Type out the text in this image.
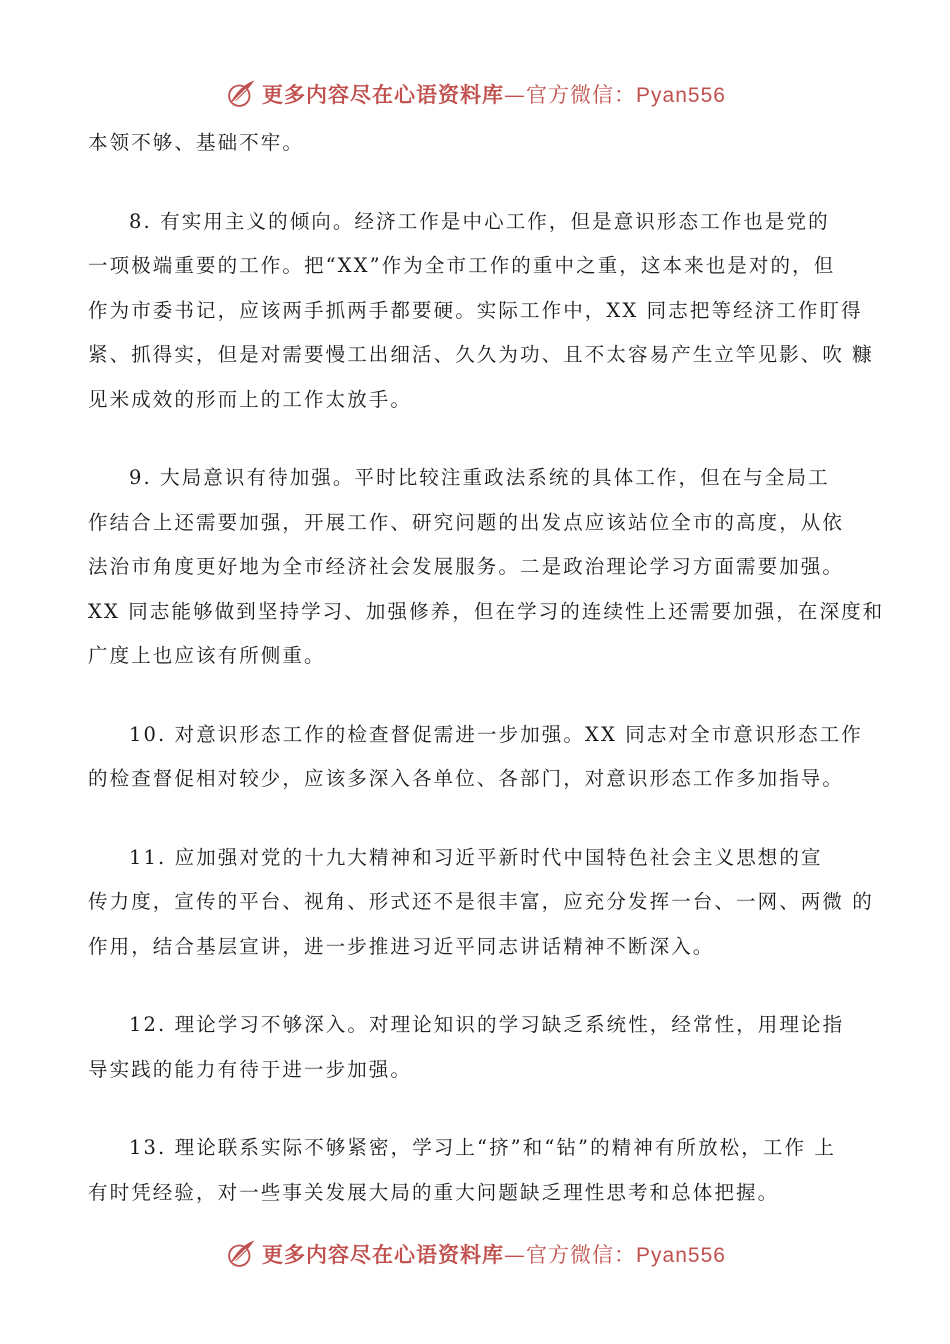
更多内容尽在心语资料库—官方微信：Pyan556
本领不够、基础不牢。
8. 有实用主义的倾向。经济工作是中心工作，但是意识形态工作也是党的
一项极端重要的工作。把“XX”作为全市工作的重中之重，这本来也是对的，但
作为市委书记，应该两手抓两手都要硬。实际工作中，XX 同志把等经济工作盯得
紧、抓得实，但是对需要慢工出细活、久久为功、且不太容易产生立竿见影、吹 糠
见米成效的形而上的工作太放手。
9. 大局意识有待加强。平时比较注重政法系统的具体工作，但在与全局工
作结合上还需要加强，开展工作、研究问题的出发点应该站位全市的高度，从依
法治市角度更好地为全市经济社会发展服务。二是政治理论学习方面需要加强。
XX 同志能够做到坚持学习、加强修养，但在学习的连续性上还需要加强，在深度和
广度上也应该有所侧重。
10. 对意识形态工作的检查督促需进一步加强。XX 同志对全市意识形态工作
的检查督促相对较少，应该多深入各单位、各部门，对意识形态工作多加指导。
11. 应加强对党的十九大精神和习近平新时代中国特色社会主义思想的宣
传力度，宣传的平台、视角、形式还不是很丰富，应充分发挥一台、一网、两微 的
作用，结合基层宣讲，进一步推进习近平同志讲话精神不断深入。
12. 理论学习不够深入。对理论知识的学习缺乏系统性，经常性，用理论指
导实践的能力有待于进一步加强。
13. 理论联系实际不够紧密，学习上“挤”和“钻”的精神有所放松，工作 上
有时凭经验，对一些事关发展大局的重大问题缺乏理性思考和总体把握。
更多内容尽在心语资料库—官方微信：Pyan556
